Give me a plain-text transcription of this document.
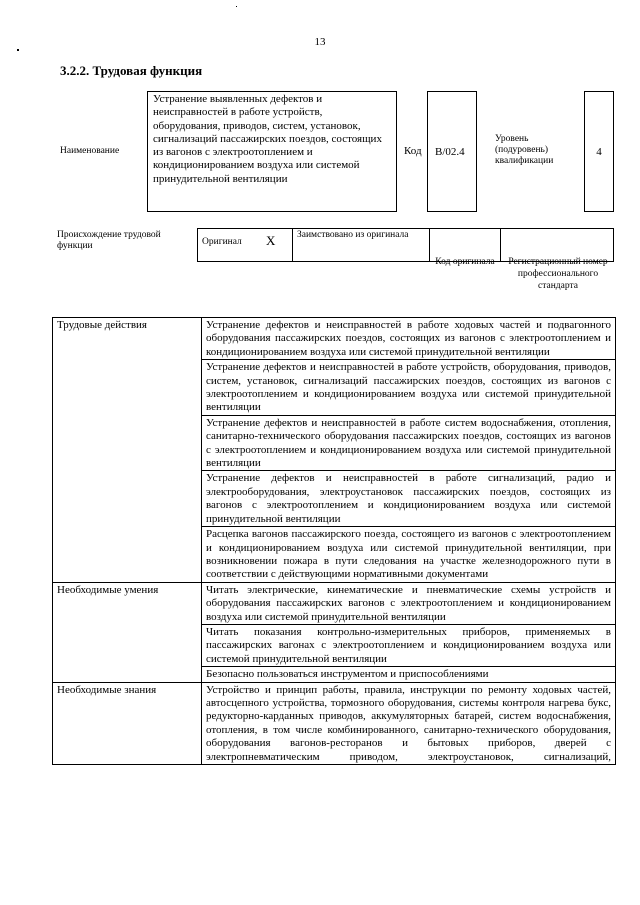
13
3.2.2. Трудовая функция
Наименование
Устранение выявленных дефектов и неисправностей в работе устройств, оборудования, приводов, систем, установок, сигнализаций пассажирских поездов, состоящих из вагонов с электроотоплением и кондиционированием воздуха или системой принудительной вентиляции
Код B/02.4
Уровень (подуровень) квалификации
4
Происхождение трудовой функции	Оригинал	X	Заимствовано из оригинала		
Код оригинала Регистрационный номер профессионального стандарта
Трудовые действия	Устранение дефектов и неисправностей в работе ходовых частей и подвагонного оборудования пассажирских поездов, состоящих из вагонов с электроотоплением и кондиционированием воздуха или системой принудительной вентиляции
	Устранение дефектов и неисправностей в работе устройств, оборудования, приводов, систем, установок, сигнализаций пассажирских поездов, состоящих из вагонов с электроотоплением и кондиционированием воздуха или системой принудительной вентиляции
	Устранение дефектов и неисправностей в работе систем водоснабжения, отопления, санитарно-технического оборудования пассажирских поездов, состоящих из вагонов с электроотоплением и кондиционированием воздуха или системой принудительной вентиляции
	Устранение дефектов и неисправностей в работе сигнализаций, радио и электрооборудования, электроустановок пассажирских поездов, состоящих из вагонов с электроотоплением и кондиционированием воздуха или системой принудительной вентиляции
	Расцепка вагонов пассажирского поезда, состоящего из вагонов с электроотоплением и кондиционированием воздуха или системой принудительной вентиляции, при возникновении пожара в пути следования на участке железнодорожного пути в соответствии с действующими нормативными документами
Необходимые умения	Читать электрические, кинематические и пневматические схемы устройств и оборудования пассажирских вагонов с электроотоплением и кондиционированием воздуха или системой принудительной вентиляции
	Читать показания контрольно-измерительных приборов, применяемых в пассажирских вагонах с электроотоплением и кондиционированием воздуха или системой принудительной вентиляции
	Безопасно пользоваться инструментом и приспособлениями
Необходимые знания	Устройство и принцип работы, правила, инструкции по ремонту ходовых частей, автосцепного устройства, тормозного оборудования, системы контроля нагрева букс, редукторно-карданных приводов, аккумуляторных батарей, систем водоснабжения, отопления, в том числе комбинированного, санитарно-технического оборудования, оборудования вагонов-ресторанов и бытовых приборов, дверей с электропневматическим приводом, электроустановок, сигнализаций,
